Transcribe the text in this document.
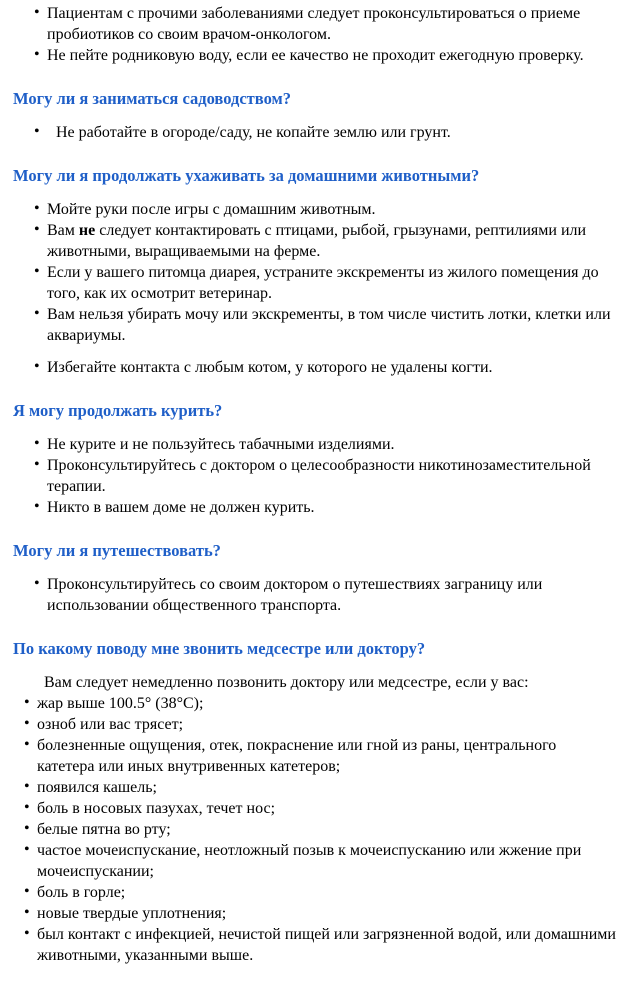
• Пациентам с прочими заболеваниями следует проконсультироваться о приеме пробиотиков со своим врачом-онкологом.
• Не пейте родниковую воду, если ее качество не проходит ежегодную проверку.
Могу ли я заниматься садоводством?
• Не работайте в огороде/саду, не копайте землю или грунт.
Могу ли я продолжать ухаживать за домашними животными?
• Мойте руки после игры с домашним животным.
• Вам не следует контактировать с птицами, рыбой, грызунами, рептилиями или животными, выращиваемыми на ферме.
• Если у вашего питомца диарея, устраните экскременты из жилого помещения до того, как их осмотрит ветеринар.
• Вам нельзя убирать мочу или экскременты, в том числе чистить лотки, клетки или аквариумы.
• Избегайте контакта с любым котом, у которого не удалены когти.
Я могу продолжать курить?
• Не курите и не пользуйтесь табачными изделиями.
• Проконсультируйтесь с доктором о целесообразности никотинозаместительной терапии.
• Никто в вашем доме не должен курить.
Могу ли я путешествовать?
• Проконсультируйтесь со своим доктором о путешествиях заграницу или использовании общественного транспорта.
По какому поводу мне звонить медсестре или доктору?

Вам следует немедленно позвонить доктору или медсестре, если у вас:

• жар выше 100.5° (38°C);
• озноб или вас трясет;
• болезненные ощущения, отек, покраснение или гной из раны, центрального катетера или иных внутривенных катетеров;
• появился кашель;
• боль в носовых пазухах, течет нос;
• белые пятна во рту;
• частое мочеиспускание, неотложный позыв к мочеиспусканию или жжение при мочеиспускании;
• боль в горле;
• новые твердые уплотнения;
• был контакт с инфекцией, нечистой пищей или загрязненной водой, или домашними животными, указанными выше.
